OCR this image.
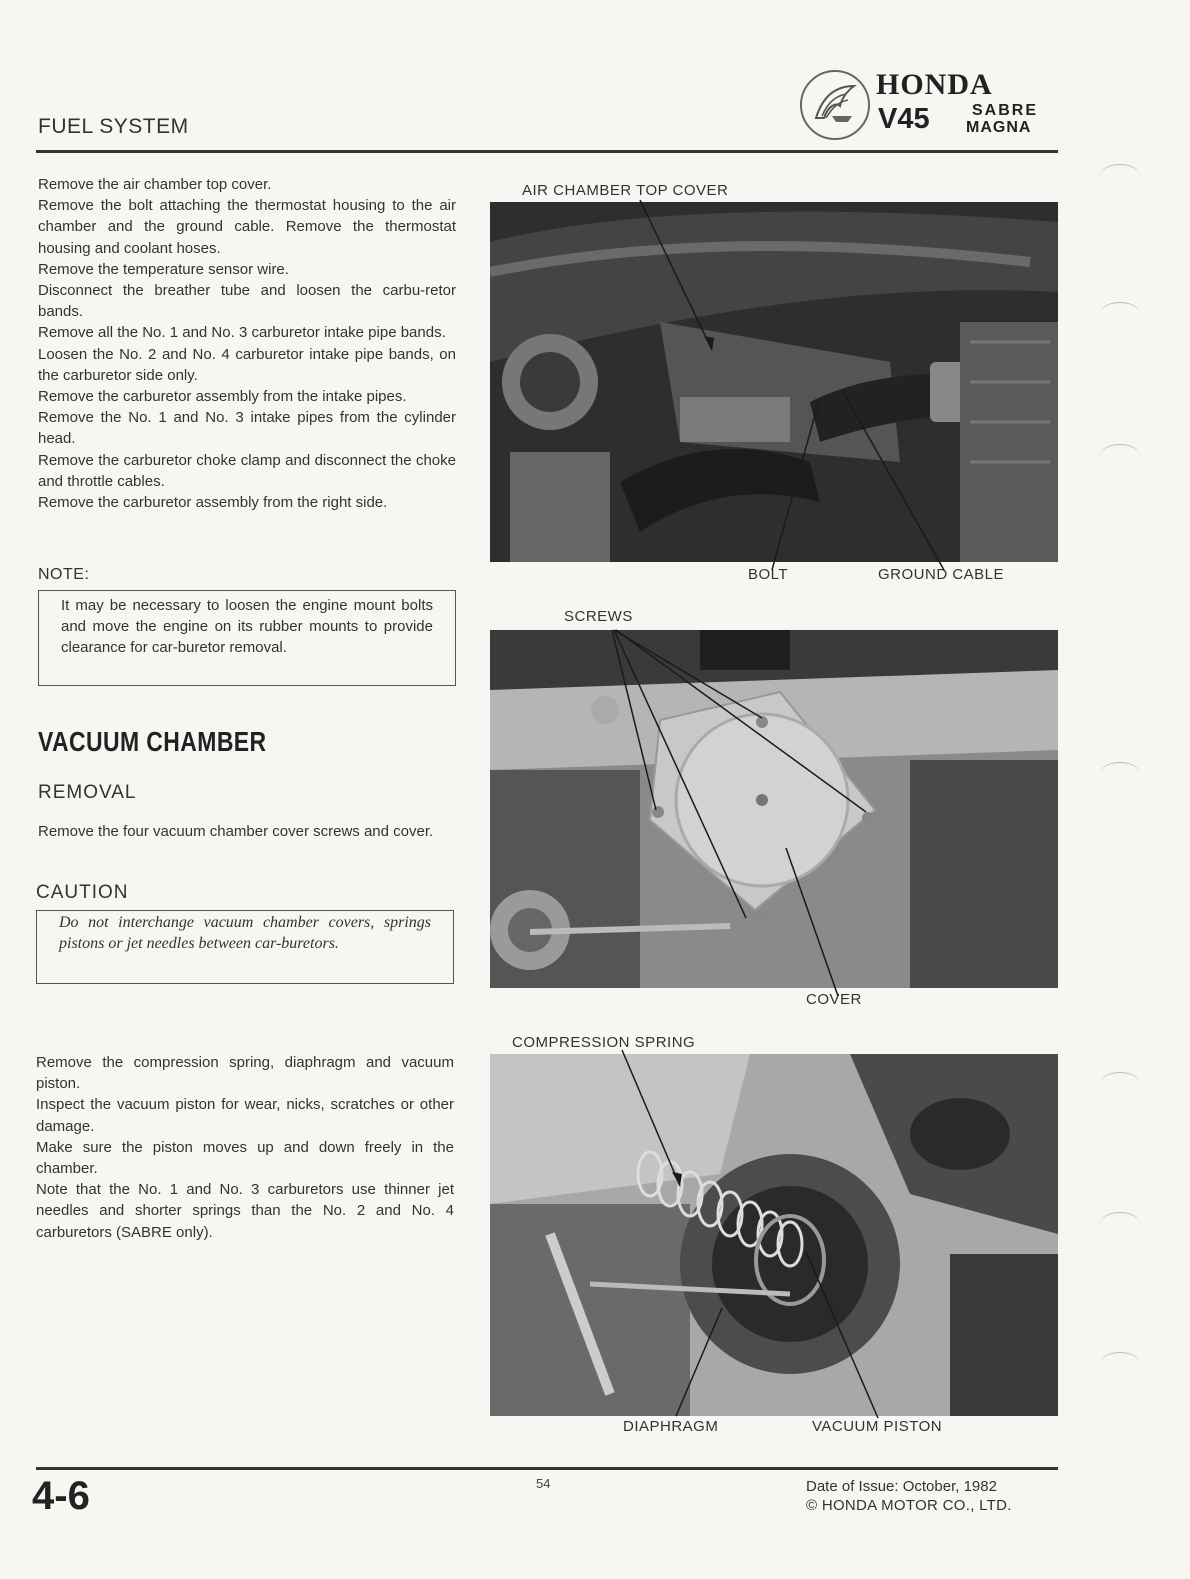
FUEL SYSTEM
HONDA
V45	SABRE
MAGNA

Remove the air chamber top cover.

Remove the bolt attaching the thermostat housing to the air chamber and the ground cable. Remove the thermostat housing and coolant hoses.

Remove the temperature sensor wire.

Disconnect the breather tube and loosen the carbu-retor bands.

Remove all the No. 1 and No. 3 carburetor intake pipe bands.

Loosen the No. 2 and No. 4 carburetor intake pipe bands, on the carburetor side only.

Remove the carburetor assembly from the intake pipes.

Remove the No. 1 and No. 3 intake pipes from the cylinder head.

Remove the carburetor choke clamp and disconnect the choke and throttle cables.

Remove the carburetor assembly from the right side.

NOTE:
It may be necessary to loosen the engine mount bolts and move the engine on its rubber mounts to provide clearance for car-buretor removal.
VACUUM CHAMBER
REMOVAL
Remove the four vacuum chamber cover screws and cover.
CAUTION
Do not interchange vacuum chamber covers, springs pistons or jet needles between car-buretors.

Remove the compression spring, diaphragm and vacuum piston.

Inspect the vacuum piston for wear, nicks, scratches or other damage.

Make sure the piston moves up and down freely in the chamber.

Note that the No. 1 and No. 3 carburetors use thinner jet needles and shorter springs than the No. 2 and No. 4 carburetors (SABRE only).

AIR CHAMBER TOP COVER
BOLT	GROUND CABLE
SCREWS
COVER
COMPRESSION SPRING
DIAPHRAGM	VACUUM PISTON
4-6	54	Date of Issue: October, 1982
© HONDA MOTOR CO., LTD.
